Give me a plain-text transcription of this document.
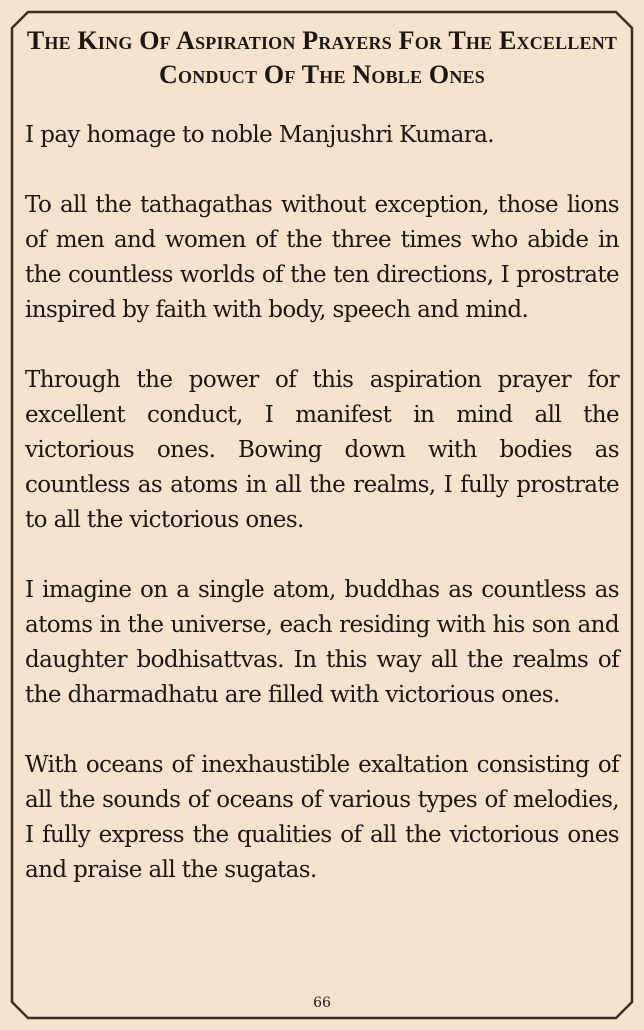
The King Of Aspiration Prayers For The Excellent Conduct Of The Noble Ones

I pay homage to noble Manjushri Kumara.

To all the tathagathas without exception, those lions of men and women of the three times who abide in the countless worlds of the ten directions, I prostrate inspired by faith with body, speech and mind.

Through the power of this aspiration prayer for excellent conduct, I manifest in mind all the victorious ones. Bowing down with bodies as countless as atoms in all the realms, I fully prostrate to all the victorious ones.

I imagine on a single atom, buddhas as countless as atoms in the universe, each residing with his son and daughter bodhisattvas. In this way all the realms of the dharmadhatu are filled with victorious ones.

With oceans of inexhaustible exaltation consisting of all the sounds of oceans of various types of melodies, I fully express the qualities of all the victorious ones and praise all the sugatas.

66
